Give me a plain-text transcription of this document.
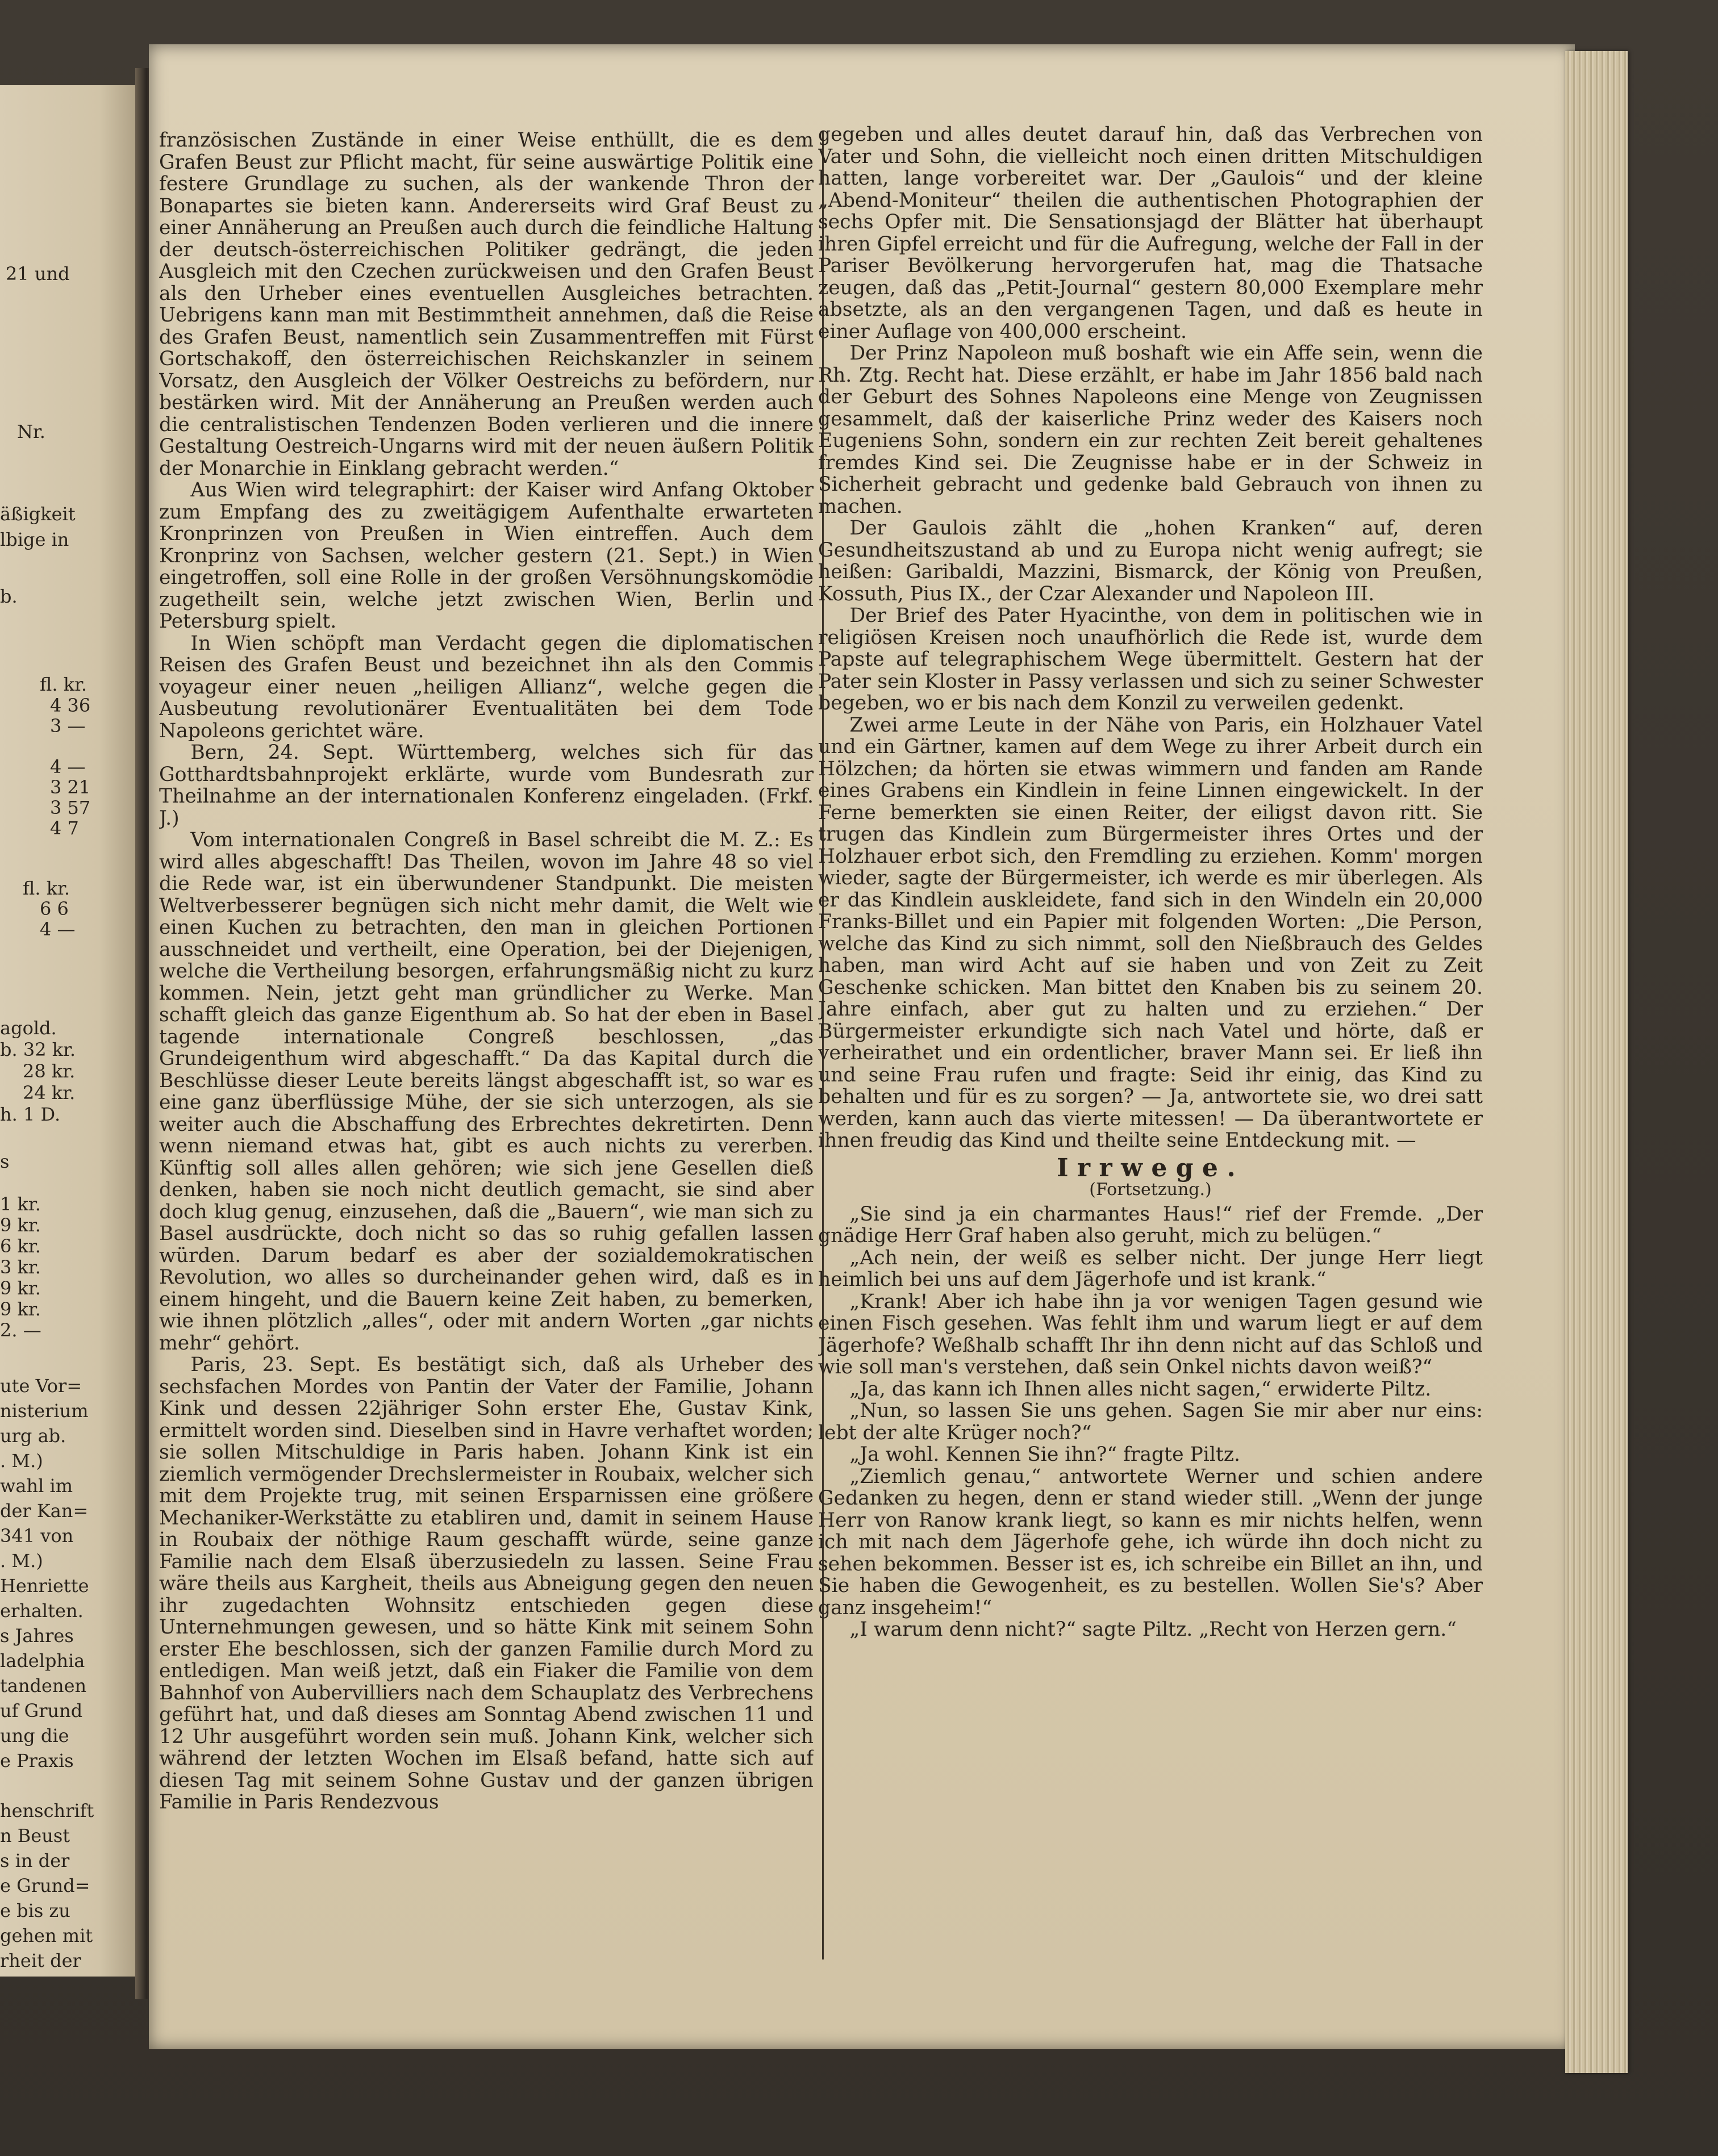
21 und
Nr.
äßigkeit
lbige in
b.
fl. kr.
4 36
3 —
4 —
3 21
3 57
4 7
fl. kr.
6 6
4 —
agold.
b. 32 kr.
28 kr.
24 kr.
h. 1 D.
s
1 kr.
9 kr.
6 kr.
3 kr.
9 kr.
9 kr.
2. —
ute Vor=
nisterium
urg ab.
. M.)
wahl im
der Kan=
341 von
. M.)
Henriette
erhalten.
s Jahres
ladelphia
tandenen
uf Grund
ung die
e Praxis
henschrift
n Beust
s in der
e Grund=
e bis zu
gehen mit
rheit der

französischen Zustände in einer Weise enthüllt, die es dem Grafen Beust zur Pflicht macht, für seine auswärtige Politik eine festere Grundlage zu suchen, als der wankende Thron der Bonapartes sie bieten kann. Andererseits wird Graf Beust zu einer Annäherung an Preußen auch durch die feindliche Haltung der deutsch-österreichischen Politiker gedrängt, die jeden Ausgleich mit den Czechen zurückweisen und den Grafen Beust als den Urheber eines eventuellen Ausgleiches betrachten. Uebrigens kann man mit Bestimmtheit annehmen, daß die Reise des Grafen Beust, namentlich sein Zusammentreffen mit Fürst Gortschakoff, den österreichischen Reichskanzler in seinem Vorsatz, den Ausgleich der Völker Oestreichs zu befördern, nur bestärken wird. Mit der Annäherung an Preußen werden auch die centralistischen Tendenzen Boden verlieren und die innere Gestaltung Oestreich-Ungarns wird mit der neuen äußern Politik der Monarchie in Einklang gebracht werden.“

Aus Wien wird telegraphirt: der Kaiser wird Anfang Oktober zum Empfang des zu zweitägigem Aufenthalte erwarteten Kronprinzen von Preußen in Wien eintreffen. Auch dem Kronprinz von Sachsen, welcher gestern (21. Sept.) in Wien eingetroffen, soll eine Rolle in der großen Versöhnungskomödie zugetheilt sein, welche jetzt zwischen Wien, Berlin und Petersburg spielt.

In Wien schöpft man Verdacht gegen die diplomatischen Reisen des Grafen Beust und bezeichnet ihn als den Commis voyageur einer neuen „heiligen Allianz“, welche gegen die Ausbeutung revolutionärer Eventualitäten bei dem Tode Napoleons gerichtet wäre.

Bern, 24. Sept. Württemberg, welches sich für das Gotthardtsbahnprojekt erklärte, wurde vom Bundesrath zur Theilnahme an der internationalen Konferenz eingeladen. (Frkf. J.)

Vom internationalen Congreß in Basel schreibt die M. Z.: Es wird alles abgeschafft! Das Theilen, wovon im Jahre 48 so viel die Rede war, ist ein überwundener Standpunkt. Die meisten Weltverbesserer begnügen sich nicht mehr damit, die Welt wie einen Kuchen zu betrachten, den man in gleichen Portionen ausschneidet und vertheilt, eine Operation, bei der Diejenigen, welche die Vertheilung besorgen, erfahrungsmäßig nicht zu kurz kommen. Nein, jetzt geht man gründlicher zu Werke. Man schafft gleich das ganze Eigenthum ab. So hat der eben in Basel tagende internationale Congreß beschlossen, „das Grundeigenthum wird abgeschafft.“ Da das Kapital durch die Beschlüsse dieser Leute bereits längst abgeschafft ist, so war es eine ganz überflüssige Mühe, der sie sich unterzogen, als sie weiter auch die Abschaffung des Erbrechtes dekretirten. Denn wenn niemand etwas hat, gibt es auch nichts zu vererben. Künftig soll alles allen gehören; wie sich jene Gesellen dieß denken, haben sie noch nicht deutlich gemacht, sie sind aber doch klug genug, einzusehen, daß die „Bauern“, wie man sich zu Basel ausdrückte, doch nicht so das so ruhig gefallen lassen würden. Darum bedarf es aber der sozialdemokratischen Revolution, wo alles so durcheinander gehen wird, daß es in einem hingeht, und die Bauern keine Zeit haben, zu bemerken, wie ihnen plötzlich „alles“, oder mit andern Worten „gar nichts mehr“ gehört.

Paris, 23. Sept. Es bestätigt sich, daß als Urheber des sechsfachen Mordes von Pantin der Vater der Familie, Johann Kink und dessen 22jähriger Sohn erster Ehe, Gustav Kink, ermittelt worden sind. Dieselben sind in Havre verhaftet worden; sie sollen Mitschuldige in Paris haben. Johann Kink ist ein ziemlich vermögender Drechslermeister in Roubaix, welcher sich mit dem Projekte trug, mit seinen Ersparnissen eine größere Mechaniker-Werkstätte zu etabliren und, damit in seinem Hause in Roubaix der nöthige Raum geschafft würde, seine ganze Familie nach dem Elsaß überzusiedeln zu lassen. Seine Frau wäre theils aus Kargheit, theils aus Abneigung gegen den neuen ihr zugedachten Wohnsitz entschieden gegen diese Unternehmungen gewesen, und so hätte Kink mit seinem Sohn erster Ehe beschlossen, sich der ganzen Familie durch Mord zu entledigen. Man weiß jetzt, daß ein Fiaker die Familie von dem Bahnhof von Aubervilliers nach dem Schauplatz des Verbrechens geführt hat, und daß dieses am Sonntag Abend zwischen 11 und 12 Uhr ausgeführt worden sein muß. Johann Kink, welcher sich während der letzten Wochen im Elsaß befand, hatte sich auf diesen Tag mit seinem Sohne Gustav und der ganzen übrigen Familie in Paris Rendezvous

gegeben und alles deutet darauf hin, daß das Verbrechen von Vater und Sohn, die vielleicht noch einen dritten Mitschuldigen hatten, lange vorbereitet war. Der „Gaulois“ und der kleine „Abend-Moniteur“ theilen die authentischen Photographien der sechs Opfer mit. Die Sensationsjagd der Blätter hat überhaupt ihren Gipfel erreicht und für die Aufregung, welche der Fall in der Pariser Bevölkerung hervorgerufen hat, mag die Thatsache zeugen, daß das „Petit-Journal“ gestern 80,000 Exemplare mehr absetzte, als an den vergangenen Tagen, und daß es heute in einer Auflage von 400,000 erscheint.

Der Prinz Napoleon muß boshaft wie ein Affe sein, wenn die Rh. Ztg. Recht hat. Diese erzählt, er habe im Jahr 1856 bald nach der Geburt des Sohnes Napoleons eine Menge von Zeugnissen gesammelt, daß der kaiserliche Prinz weder des Kaisers noch Eugeniens Sohn, sondern ein zur rechten Zeit bereit gehaltenes fremdes Kind sei. Die Zeugnisse habe er in der Schweiz in Sicherheit gebracht und gedenke bald Gebrauch von ihnen zu machen.

Der Gaulois zählt die „hohen Kranken“ auf, deren Gesundheitszustand ab und zu Europa nicht wenig aufregt; sie heißen: Garibaldi, Mazzini, Bismarck, der König von Preußen, Kossuth, Pius IX., der Czar Alexander und Napoleon III.

Der Brief des Pater Hyacinthe, von dem in politischen wie in religiösen Kreisen noch unaufhörlich die Rede ist, wurde dem Papste auf telegraphischem Wege übermittelt. Gestern hat der Pater sein Kloster in Passy verlassen und sich zu seiner Schwester begeben, wo er bis nach dem Konzil zu verweilen gedenkt.

Zwei arme Leute in der Nähe von Paris, ein Holzhauer Vatel und ein Gärtner, kamen auf dem Wege zu ihrer Arbeit durch ein Hölzchen; da hörten sie etwas wimmern und fanden am Rande eines Grabens ein Kindlein in feine Linnen eingewickelt. In der Ferne bemerkten sie einen Reiter, der eiligst davon ritt. Sie trugen das Kindlein zum Bürgermeister ihres Ortes und der Holzhauer erbot sich, den Fremdling zu erziehen. Komm' morgen wieder, sagte der Bürgermeister, ich werde es mir überlegen. Als er das Kindlein auskleidete, fand sich in den Windeln ein 20,000 Franks-Billet und ein Papier mit folgenden Worten: „Die Person, welche das Kind zu sich nimmt, soll den Nießbrauch des Geldes haben, man wird Acht auf sie haben und von Zeit zu Zeit Geschenke schicken. Man bittet den Knaben bis zu seinem 20. Jahre einfach, aber gut zu halten und zu erziehen.“ Der Bürgermeister erkundigte sich nach Vatel und hörte, daß er verheirathet und ein ordentlicher, braver Mann sei. Er ließ ihn und seine Frau rufen und fragte: Seid ihr einig, das Kind zu behalten und für es zu sorgen? — Ja, antwortete sie, wo drei satt werden, kann auch das vierte mitessen! — Da überantwortete er ihnen freudig das Kind und theilte seine Entdeckung mit. —

Irrwege.
(Fortsetzung.)

„Sie sind ja ein charmantes Haus!“ rief der Fremde. „Der gnädige Herr Graf haben also geruht, mich zu belügen.“

„Ach nein, der weiß es selber nicht. Der junge Herr liegt heimlich bei uns auf dem Jägerhofe und ist krank.“

„Krank! Aber ich habe ihn ja vor wenigen Tagen gesund wie einen Fisch gesehen. Was fehlt ihm und warum liegt er auf dem Jägerhofe? Weßhalb schafft Ihr ihn denn nicht auf das Schloß und wie soll man's verstehen, daß sein Onkel nichts davon weiß?“

„Ja, das kann ich Ihnen alles nicht sagen,“ erwiderte Piltz.

„Nun, so lassen Sie uns gehen. Sagen Sie mir aber nur eins: lebt der alte Krüger noch?“

„Ja wohl. Kennen Sie ihn?“ fragte Piltz.

„Ziemlich genau,“ antwortete Werner und schien andere Gedanken zu hegen, denn er stand wieder still. „Wenn der junge Herr von Ranow krank liegt, so kann es mir nichts helfen, wenn ich mit nach dem Jägerhofe gehe, ich würde ihn doch nicht zu sehen bekommen. Besser ist es, ich schreibe ein Billet an ihn, und Sie haben die Gewogenheit, es zu bestellen. Wollen Sie's? Aber ganz insgeheim!“

„I warum denn nicht?“ sagte Piltz. „Recht von Herzen gern.“
